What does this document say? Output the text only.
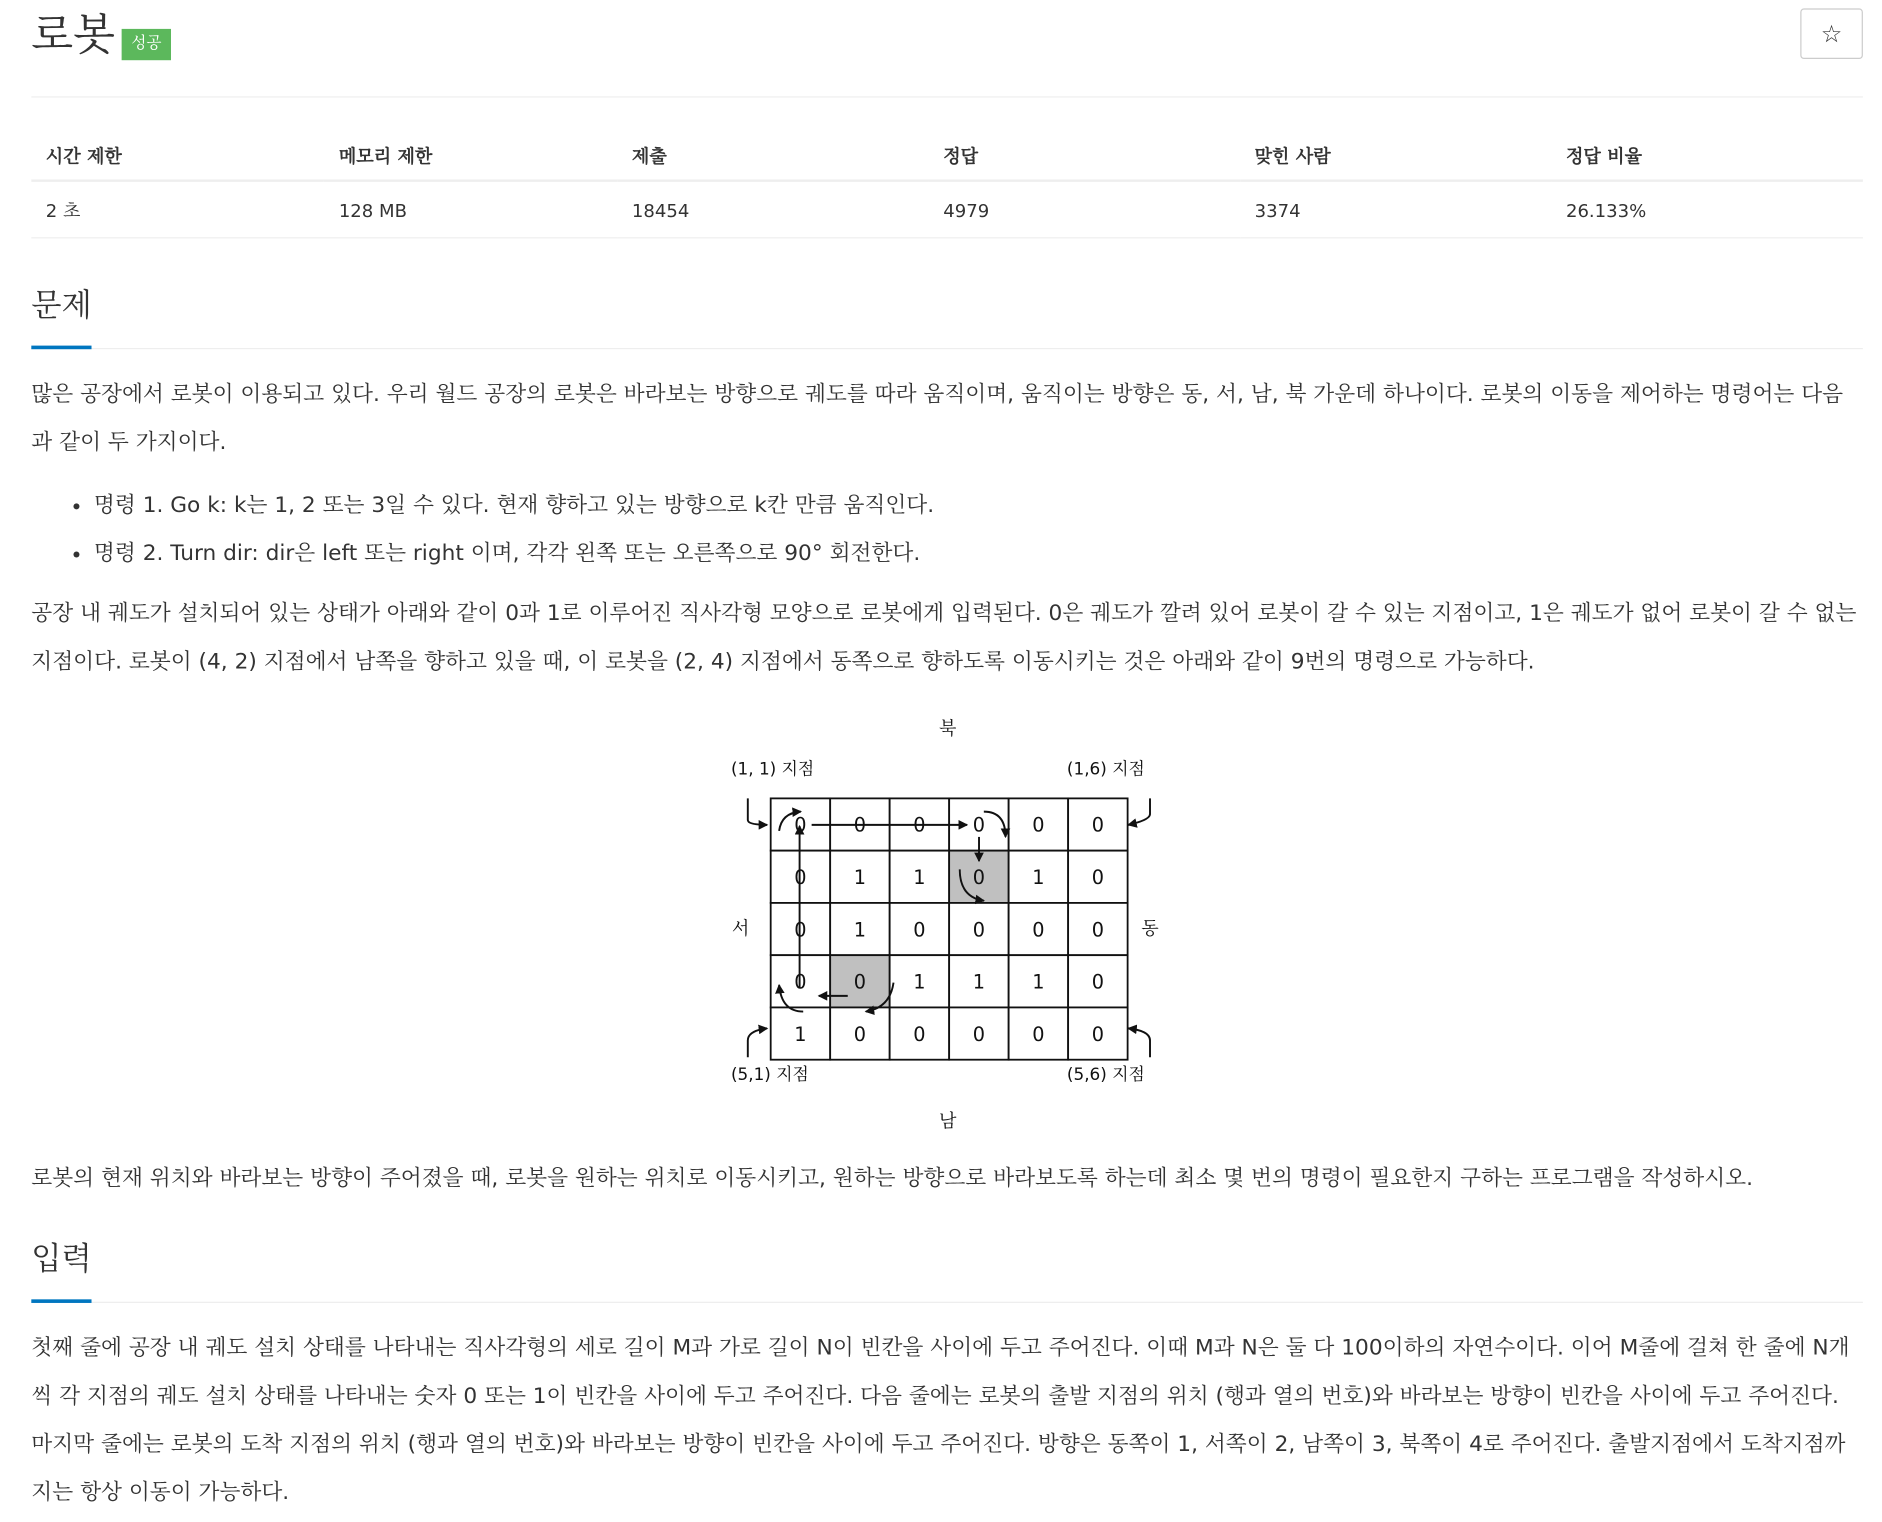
로봇	성공	☆
시간 제한	메모리 제한	제출	정답	맞힌 사람	정답 비율
2 초	128 MB	18454	4979	3374	26.133%
문제

많은 공장에서 로봇이 이용되고 있다. 우리 월드 공장의 로봇은 바라보는 방향으로 궤도를 따라 움직이며, 움직이는 방향은 동, 서, 남, 북 가운데 하나이다. 로봇의 이동을 제어하는 명령어는 다음과 같이 두 가지이다.

• 명령 1. Go k: k는 1, 2 또는 3일 수 있다. 현재 향하고 있는 방향으로 k칸 만큼 움직인다.
• 명령 2. Turn dir: dir은 left 또는 right 이며, 각각 왼쪽 또는 오른쪽으로 90° 회전한다.

공장 내 궤도가 설치되어 있는 상태가 아래와 같이 0과 1로 이루어진 직사각형 모양으로 로봇에게 입력된다. 0은 궤도가 깔려 있어 로봇이 갈 수 있는 지점이고, 1은 궤도가 없어 로봇이 갈 수 없는 지점이다. 로봇이 (4, 2) 지점에서 남쪽을 향하고 있을 때, 이 로봇을 (2, 4) 지점에서 동쪽으로 향하도록 이동시키는 것은 아래와 같이 9번의 명령으로 가능하다.

북
남
서	동
(1, 1) 지점	(1,6) 지점
(5,1) 지점	(5,6) 지점
0	0	0	0	0	0
0	1	1	0	1	0
0	1	0	0	0	0
0	0	1	1	1	0
1	0	0	0	0	0

로봇의 현재 위치와 바라보는 방향이 주어졌을 때, 로봇을 원하는 위치로 이동시키고, 원하는 방향으로 바라보도록 하는데 최소 몇 번의 명령이 필요한지 구하는 프로그램을 작성하시오.

입력

첫째 줄에 공장 내 궤도 설치 상태를 나타내는 직사각형의 세로 길이 M과 가로 길이 N이 빈칸을 사이에 두고 주어진다. 이때 M과 N은 둘 다 100이하의 자연수이다. 이어 M줄에 걸쳐 한 줄에 N개씩 각 지점의 궤도 설치 상태를 나타내는 숫자 0 또는 1이 빈칸을 사이에 두고 주어진다. 다음 줄에는 로봇의 출발 지점의 위치 (행과 열의 번호)와 바라보는 방향이 빈칸을 사이에 두고 주어진다. 마지막 줄에는 로봇의 도착 지점의 위치 (행과 열의 번호)와 바라보는 방향이 빈칸을 사이에 두고 주어진다. 방향은 동쪽이 1, 서쪽이 2, 남쪽이 3, 북쪽이 4로 주어진다. 출발지점에서 도착지점까지는 항상 이동이 가능하다.
